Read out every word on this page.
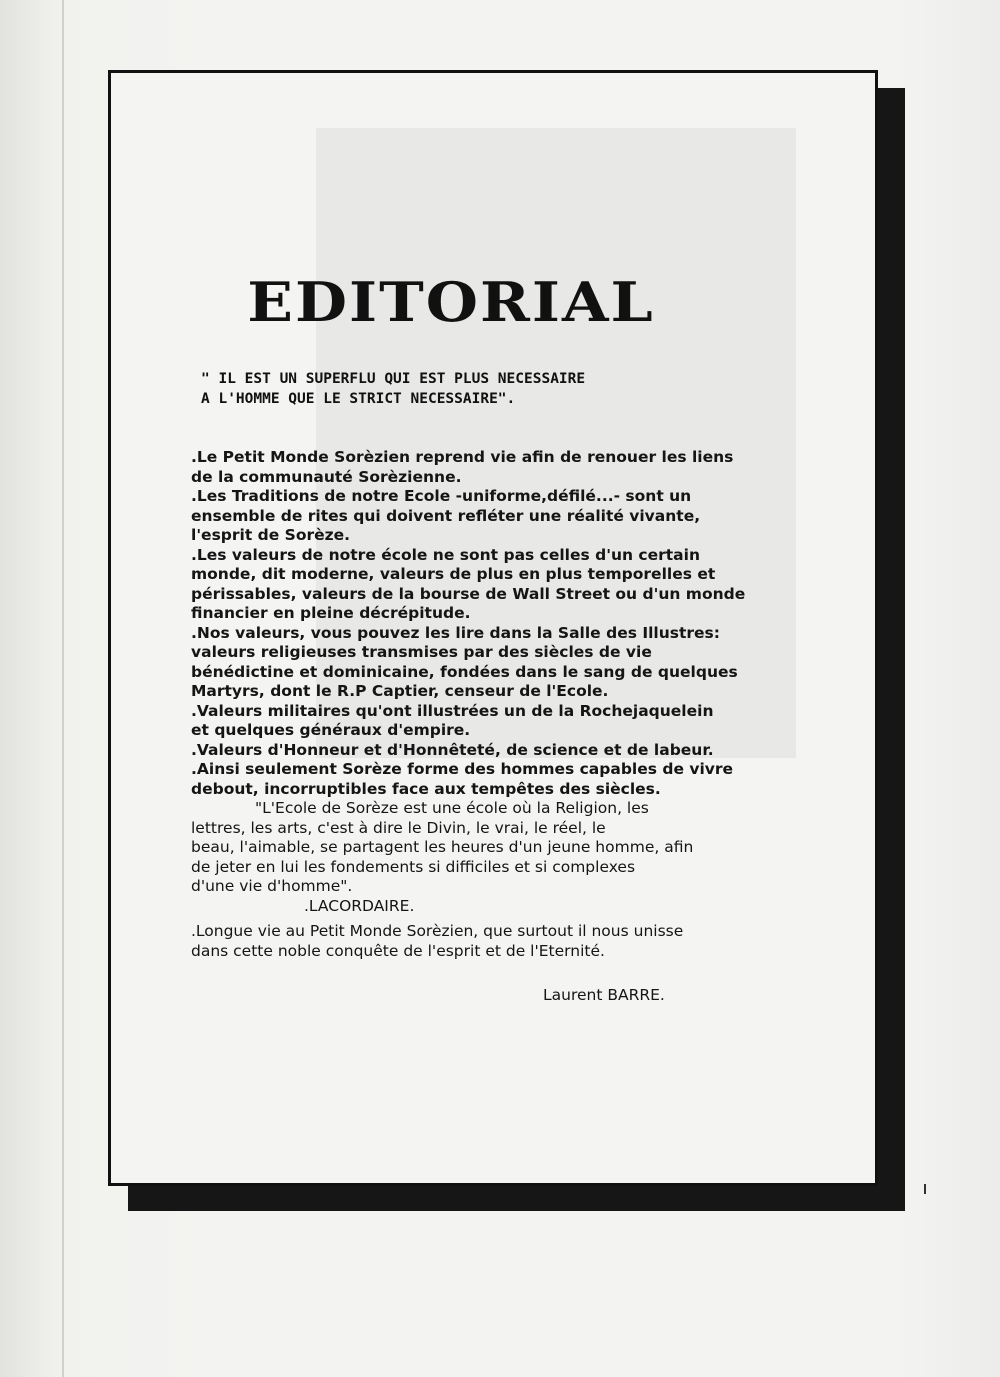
EDITORIAL
" IL EST UN SUPERFLU QUI EST PLUS NECESSAIRE
A L'HOMME QUE LE STRICT NECESSAIRE".

.Le Petit Monde Sorèzien reprend vie afin de renouer les liens

de la communauté Sorèzienne.

.Les Traditions de notre Ecole -uniforme,défilé...- sont un

ensemble de rites qui doivent refléter une réalité vivante,

l'esprit de Sorèze.

.Les valeurs de notre école ne sont pas celles d'un certain

monde, dit moderne, valeurs de plus en plus temporelles et

périssables, valeurs de la bourse de Wall Street ou d'un monde

financier en pleine décrépitude.

.Nos valeurs, vous pouvez les lire dans la Salle des Illustres:

valeurs religieuses transmises par des siècles de vie

bénédictine et dominicaine, fondées dans le sang de quelques

Martyrs, dont le R.P Captier, censeur de l'Ecole.

.Valeurs militaires qu'ont illustrées un de la Rochejaquelein

et quelques généraux d'empire.

.Valeurs d'Honneur et d'Honnêteté, de science et de labeur.

.Ainsi seulement Sorèze forme des hommes capables de vivre

debout, incorruptibles face aux tempêtes des siècles.

"L'Ecole de Sorèze est une école où la Religion, les

lettres, les arts, c'est à dire le Divin, le vrai, le réel, le

beau, l'aimable, se partagent les heures d'un jeune homme, afin

de jeter en lui les fondements si difficiles et si complexes

d'une vie d'homme".

.LACORDAIRE.

.Longue vie au Petit Monde Sorèzien, que surtout il nous unisse

dans cette noble conquête de l'esprit et de l'Eternité.

Laurent BARRE.
